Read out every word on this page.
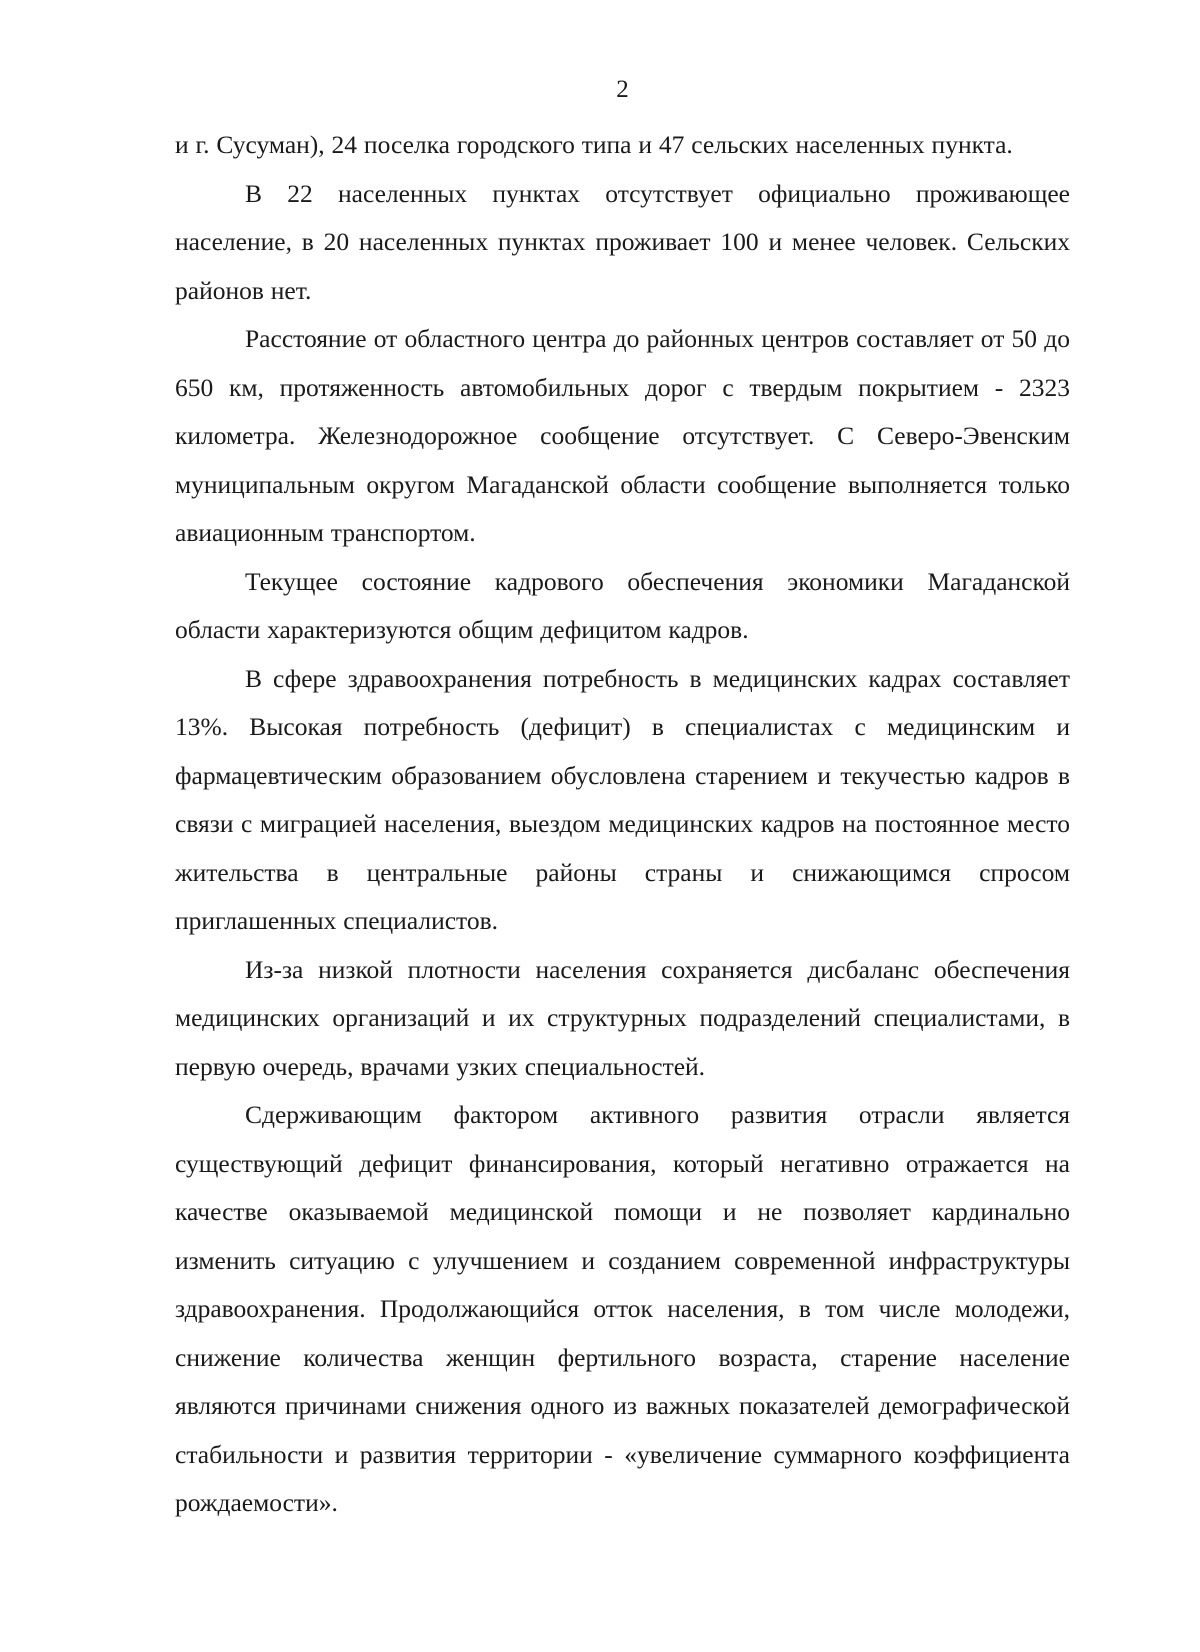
2

и г. Сусуман), 24 поселка городского типа и 47 сельских населенных пункта.

В 22 населенных пунктах отсутствует официально проживающее население, в 20 населенных пунктах проживает 100 и менее человек. Сельских районов нет.

Расстояние от областного центра до районных центров составляет от 50 до 650 км, протяженность автомобильных дорог с твердым покрытием - 2323 километра. Железнодорожное сообщение отсутствует. С Северо-Эвенским муниципальным округом Магаданской области сообщение выполняется только авиационным транспортом.

Текущее состояние кадрового обеспечения экономики Магаданской области характеризуются общим дефицитом кадров.

В сфере здравоохранения потребность в медицинских кадрах составляет 13%. Высокая потребность (дефицит) в специалистах с медицинским и фармацевтическим образованием обусловлена старением и текучестью кадров в связи с миграцией населения, выездом медицинских кадров на постоянное место жительства в центральные районы страны и снижающимся спросом приглашенных специалистов.

Из-за низкой плотности населения сохраняется дисбаланс обеспечения медицинских организаций и их структурных подразделений специалистами, в первую очередь, врачами узких специальностей.

Сдерживающим фактором активного развития отрасли является существующий дефицит финансирования, который негативно отражается на качестве оказываемой медицинской помощи и не позволяет кардинально изменить ситуацию с улучшением и созданием современной инфраструктуры здравоохранения. Продолжающийся отток населения, в том числе молодежи, снижение количества женщин фертильного возраста, старение население являются причинами снижения одного из важных показателей демографической стабильности и развития территории - «увеличение суммарного коэффициента рождаемости».
